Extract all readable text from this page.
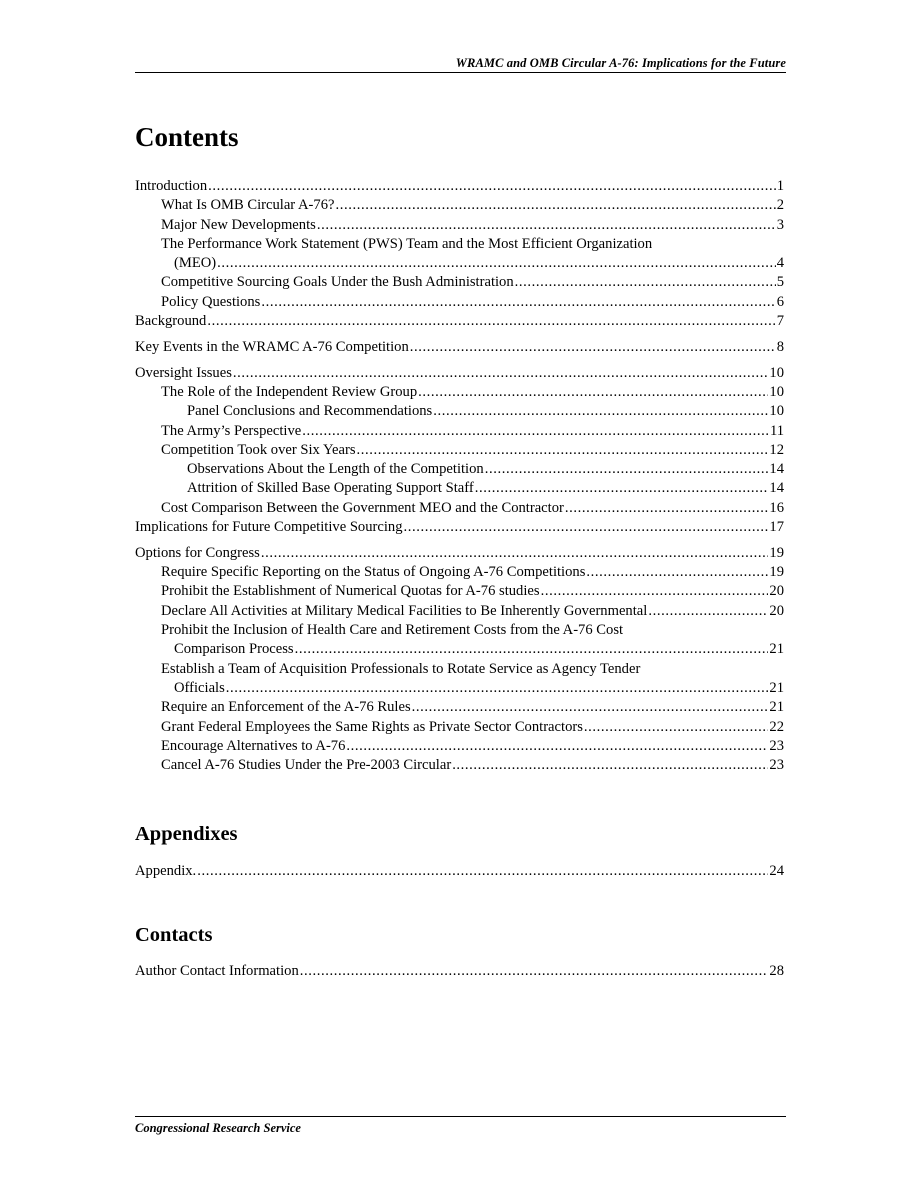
WRAMC and OMB Circular A-76: Implications for the Future
Contents
Introduction .....	1
What Is OMB Circular A-76? .....	2
Major New Developments .....	3
The Performance Work Statement (PWS) Team and the Most Efficient Organization
(MEO) .....	4
Competitive Sourcing Goals Under the Bush Administration .....	5
Policy Questions .....	6
Background .....	7
Key Events in the WRAMC A-76 Competition .....	8
Oversight Issues .....	10
The Role of the Independent Review Group .....	10
Panel Conclusions and Recommendations .....	10
The Army’s Perspective .....	11
Competition Took over Six Years .....	12
Observations About the Length of the Competition .....	14
Attrition of Skilled Base Operating Support Staff .....	14
Cost Comparison Between the Government MEO and the Contractor .....	16
Implications for Future Competitive Sourcing .....	17
Options for Congress .....	19
Require Specific Reporting on the Status of Ongoing A-76 Competitions .....	19
Prohibit the Establishment of Numerical Quotas for A-76 studies .....	20
Declare All Activities at Military Medical Facilities to Be Inherently Governmental .....	20
Prohibit the Inclusion of Health Care and Retirement Costs from the A-76 Cost
Comparison Process .....	21
Establish a Team of Acquisition Professionals to Rotate Service as Agency Tender
Officials .....	21
Require an Enforcement of the A-76 Rules .....	21
Grant Federal Employees the Same Rights as Private Sector Contractors .....	22
Encourage Alternatives to A-76 .....	23
Cancel A-76 Studies Under the Pre-2003 Circular .....	23
Appendixes
Appendix. .....	24
Contacts
Author Contact Information .....	28
Congressional Research Service
